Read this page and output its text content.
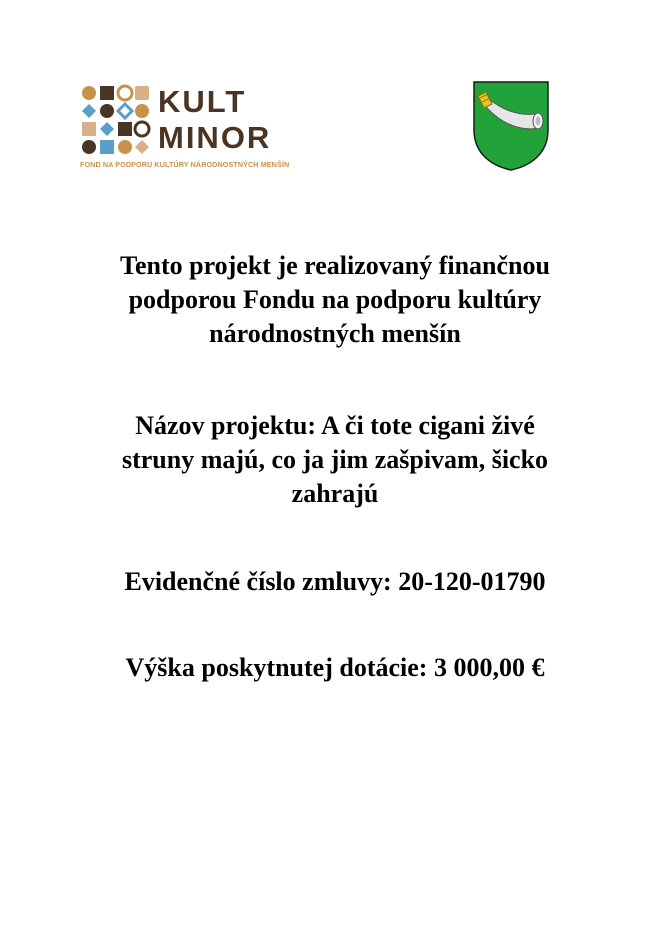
KULT
MINOR
FOND NA PODPORU KULTÚRY NÁRODNOSTNÝCH MENŠÍN
Tento projekt je realizovaný finančnou
podporou Fondu na podporu kultúry
národnostných menšín
Názov projektu: A či tote cigani živé
struny majú, co ja jim zašpivam, šicko
zahrajú
Evidenčné číslo zmluvy: 20-120-01790
Výška poskytnutej dotácie: 3 000,00 €
